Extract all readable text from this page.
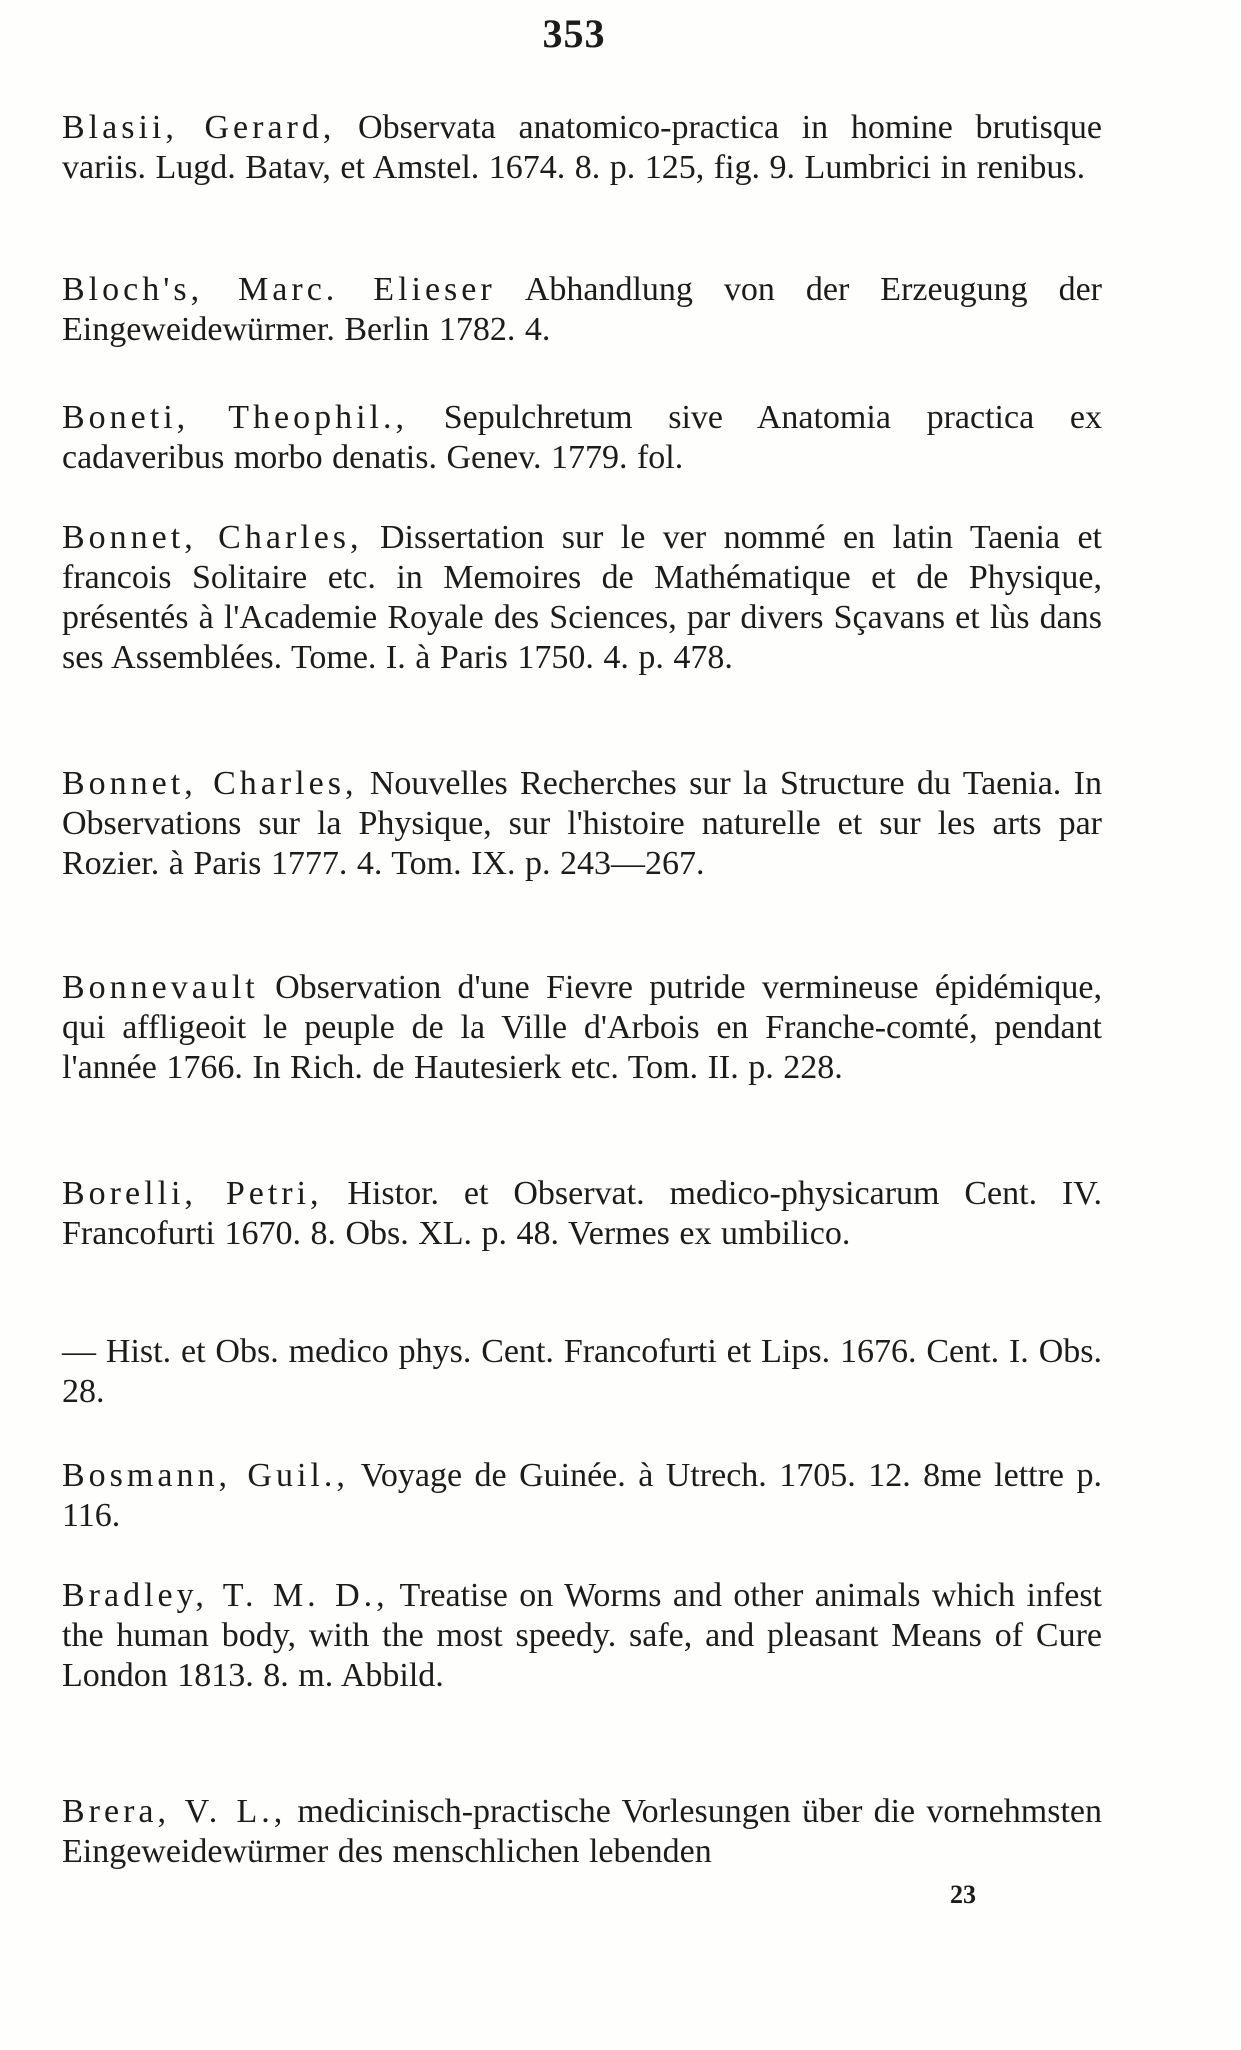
353

Blasii, Gerard, Observata anatomico-practica in homine brutisque variis. Lugd. Batav, et Amstel. 1674. 8. p. 125, fig. 9. Lumbrici in renibus.

Bloch's, Marc. Elieser Abhandlung von der Erzeugung der Eingeweidewürmer. Berlin 1782. 4.

Boneti, Theophil., Sepulchretum sive Anatomia practica ex cadaveribus morbo denatis. Genev. 1779. fol.

Bonnet, Charles, Dissertation sur le ver nommé en latin Taenia et francois Solitaire etc. in Memoires de Mathématique et de Physique, présentés à l'Academie Royale des Sciences, par divers Sçavans et lùs dans ses Assemblées. Tome. I. à Paris 1750. 4. p. 478.

Bonnet, Charles, Nouvelles Recherches sur la Structure du Taenia. In Observations sur la Physique, sur l'histoire naturelle et sur les arts par Rozier. à Paris 1777. 4. Tom. IX. p. 243—267.

Bonnevault Observation d'une Fievre putride vermineuse épidémique, qui affligeoit le peuple de la Ville d'Arbois en Franche-comté, pendant l'année 1766. In Rich. de Hautesierk etc. Tom. II. p. 228.

Borelli, Petri, Histor. et Observat. medico-physicarum Cent. IV. Francofurti 1670. 8. Obs. XL. p. 48. Vermes ex umbilico.

— Hist. et Obs. medico phys. Cent. Francofurti et Lips. 1676. Cent. I. Obs. 28.

Bosmann, Guil., Voyage de Guinée. à Utrech. 1705. 12. 8me lettre p. 116.

Bradley, T. M. D., Treatise on Worms and other animals which infest the human body, with the most speedy. safe, and pleasant Means of Cure London 1813. 8. m. Abbild.

Brera, V. L., medicinisch-practische Vorlesungen über die vornehmsten Eingeweidewürmer des menschlichen lebenden

23
